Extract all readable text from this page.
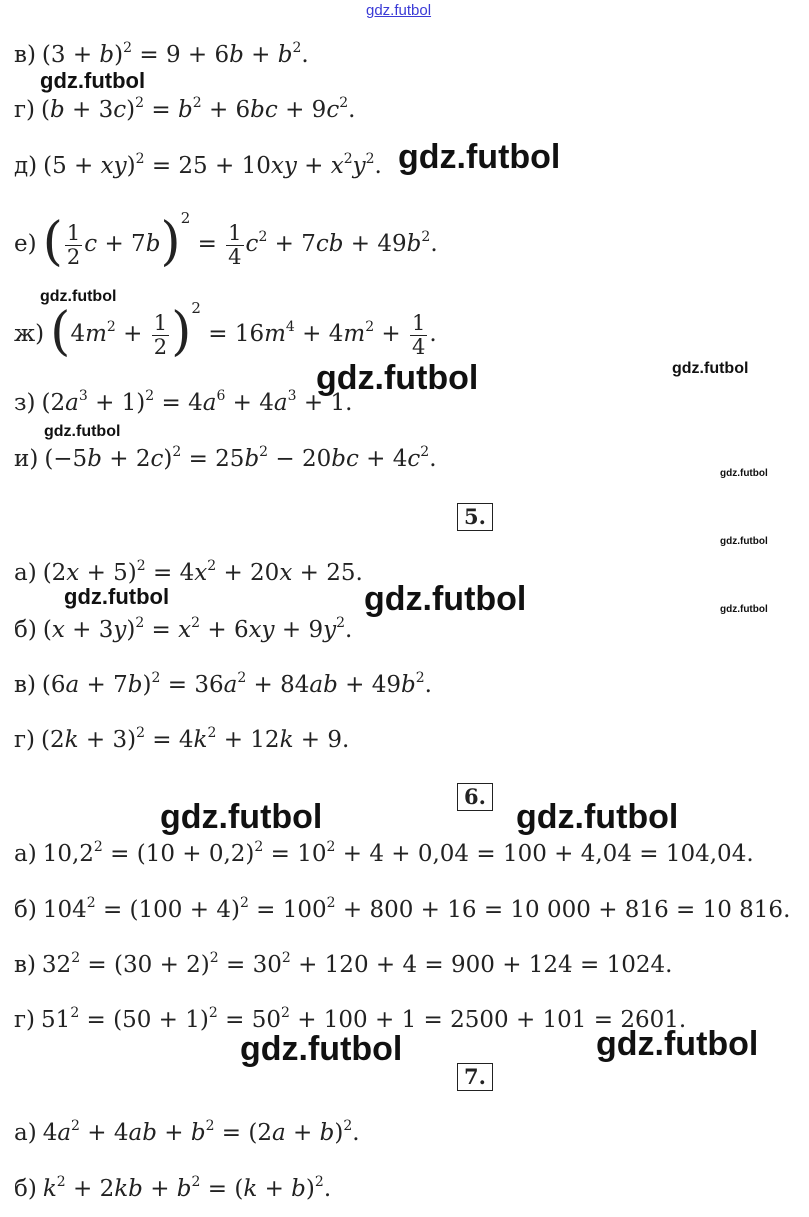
gdz.futbol
в) $(3 + b)^2 = 9 + 6b + b^2$.
gdz.futbol
г) $(b + 3c)^2 = b^2 + 6bc + 9c^2$.
д) $(5 + xy)^2 = 25 + 10xy + x^2y^2$. gdz.futbol
е) ( $\frac{1}{2}$ $c + 7b)^2 = \frac{1}{4} c^2 + 7cb + 49b^2$.
gdz.futbol
ж) $(4m^2 + \frac{1}{2} )^2 = 16m^4 + 4m^2 + \frac{1}{4}$ .
gdz.futbol
gdz.futbol
з) $(2a^3 + 1)^2 = 4a^6 + 4a^3 + 1$.
gdz.futbol
и) $(-5b + 2c)^2 = 25b^2 - 20bc + 4c^2$.
gdz.futbol
5.
gdz.futbol
а) $(2x + 5)^2 = 4x^2 + 20x + 25$.
gdz.futbol	gdz.futbol	gdz.futbol
б) $(x + 3y)^2 = x^2 + 6xy + 9y^2$.
в) $(6a + 7b)^2 = 36a^2 + 84ab + 49b^2$.
г) $(2k + 3)^2 = 4k^2 + 12k + 9$.
6.
gdz.futbol	gdz.futbol
а) $10,2^2 = (10 + 0,2)^2 = 10^2 + 4 + 0,04 = 100 + 4,04 = 104,04$.
б) $104^2 = (100 + 4)^2 = 100^2 + 800 + 16 = 10$ 000 + 816 = 10 816.
в) $32^2 = (30 + 2)^2 = 30^2 + 120 + 4 = 900 + 124 = 1024$.
г) $51^2 = (50 + 1)^2 = 50^2 + 100 + 1 = 2500 + 101 = 2601$.
gdz.futbol	gdz.futbol
7.
а) $4a^2 + 4ab + b^2 = (2a + b)^2$.
б) $k^2 + 2kb + b^2 = (k + b)^2$.
